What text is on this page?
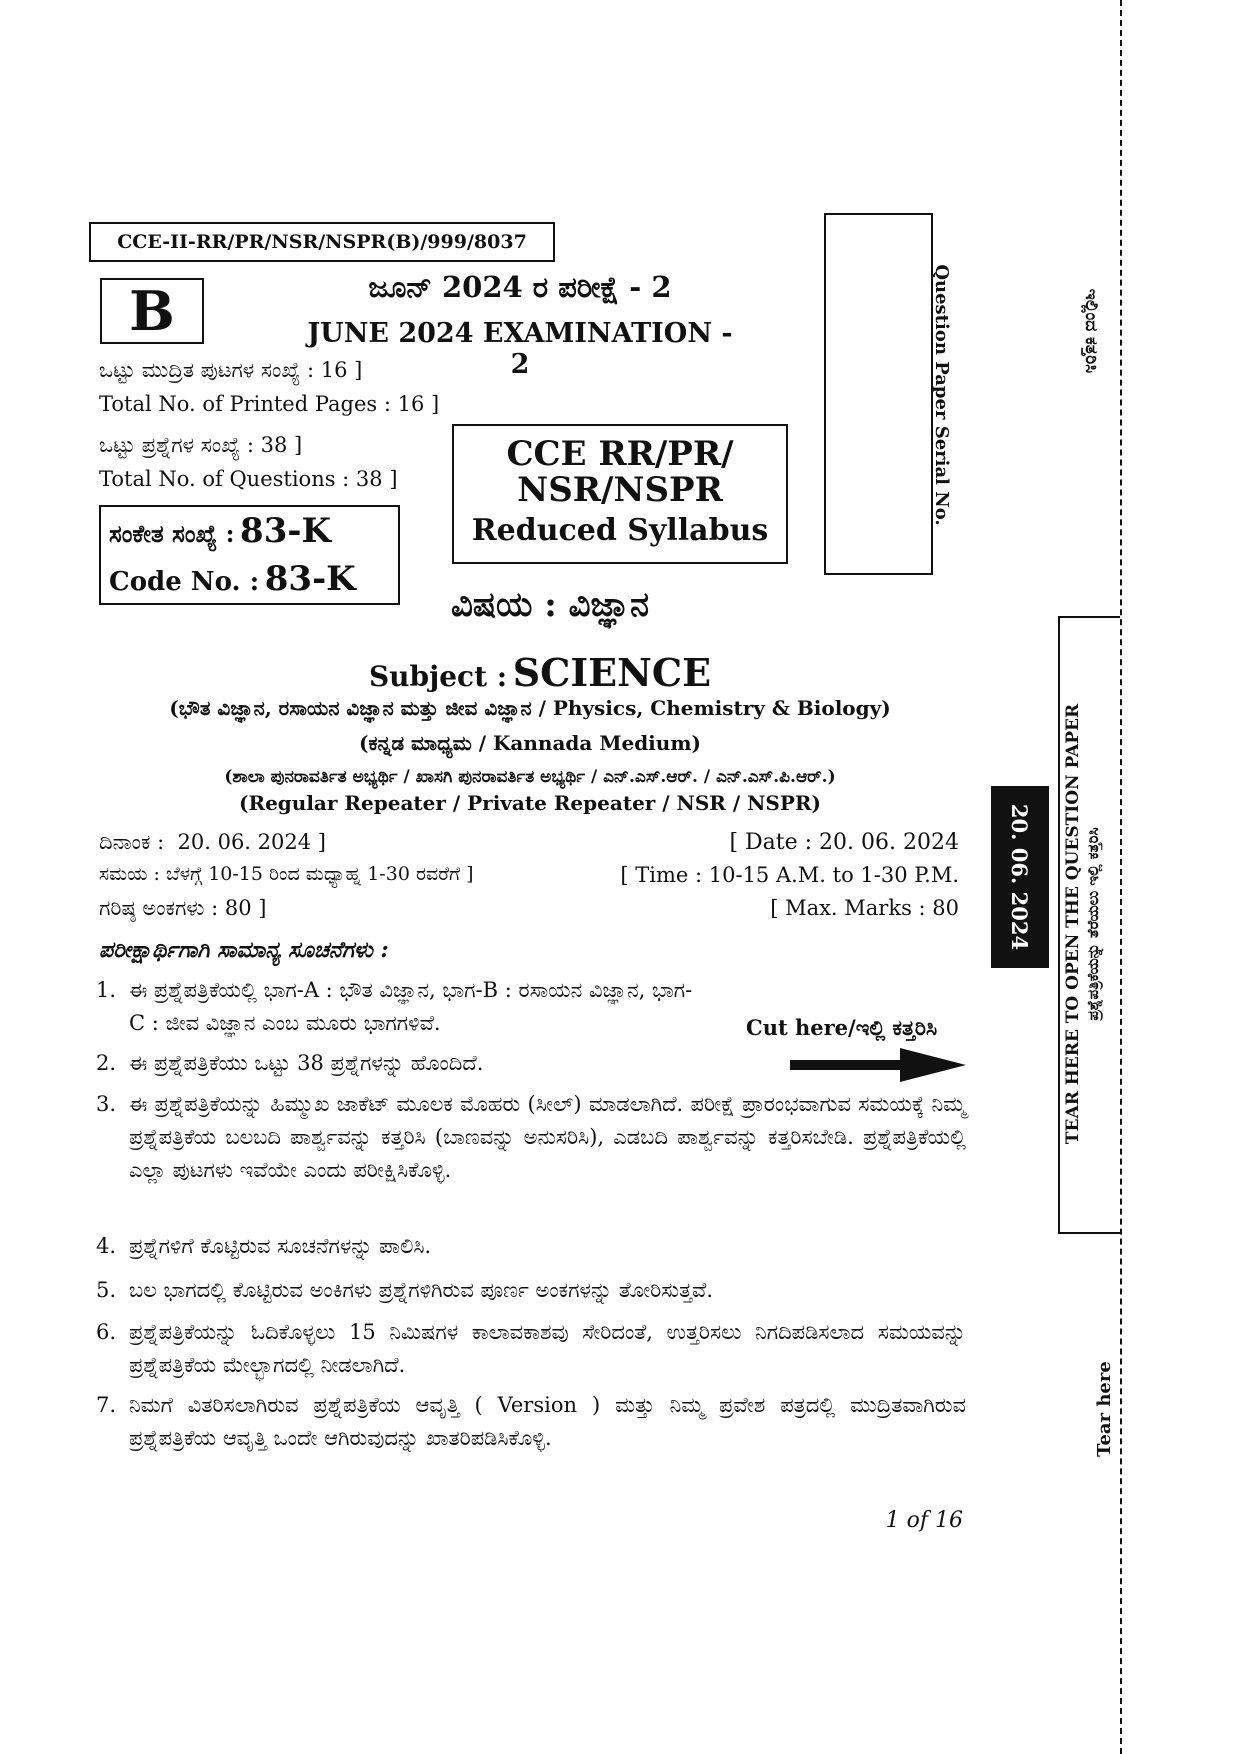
CCE-II-RR/PR/NSR/NSPR(B)/999/8037
B	ಜೂನ್ 2024 ರ ಪರೀಕ್ಷೆ - 2
JUNE 2024 EXAMINATION - 2
ಒಟ್ಟು ಮುದ್ರಿತ ಪುಟಗಳ ಸಂಖ್ಯೆ : 16 ]
Total No. of Printed Pages : 16 ]
ಒಟ್ಟು ಪ್ರಶ್ನೆಗಳ ಸಂಖ್ಯೆ : 38 ]
Total No. of Questions : 38 ]
ಸಂಕೇತ ಸಂಖ್ಯೆ : 83-K
Code No. : 83-K
CCE RR/PR/
NSR/NSPR
Reduced Syllabus
Question Paper Serial No.
ವಿಷಯ : ವಿಜ್ಞಾನ
Subject : SCIENCE
(ಭೌತ ವಿಜ್ಞಾನ, ರಸಾಯನ ವಿಜ್ಞಾನ ಮತ್ತು ಜೀವ ವಿಜ್ಞಾನ / Physics, Chemistry & Biology)
(ಕನ್ನಡ ಮಾಧ್ಯಮ / Kannada Medium)
(ಶಾಲಾ ಪುನರಾವರ್ತಿತ ಅಭ್ಯರ್ಥಿ / ಖಾಸಗಿ ಪುನರಾವರ್ತಿತ ಅಭ್ಯರ್ಥಿ / ಎನ್.ಎಸ್.ಆರ್. / ಎನ್.ಎಸ್.ಪಿ.ಆರ್.)
(Regular Repeater / Private Repeater / NSR / NSPR)
ದಿನಾಂಕ :  20. 06. 2024 ]	[ Date : 20. 06. 2024
ಸಮಯ : ಬೆಳಗ್ಗೆ 10-15 ರಿಂದ ಮಧ್ಯಾಹ್ನ 1-30 ರವರೆಗೆ ]	[ Time : 10-15 A.M. to 1-30 P.M.
ಗರಿಷ್ಠ ಅಂಕಗಳು : 80 ]	[ Max. Marks : 80
ಪರೀಕ್ಷಾರ್ಥಿಗಾಗಿ ಸಾಮಾನ್ಯ ಸೂಚನೆಗಳು :
1. ಈ ಪ್ರಶ್ನೆಪತ್ರಿಕೆಯಲ್ಲಿ ಭಾಗ-A : ಭೌತ ವಿಜ್ಞಾನ, ಭಾಗ-B : ರಸಾಯನ ವಿಜ್ಞಾನ, ಭಾಗ-C : ಜೀವ ವಿಜ್ಞಾನ ಎಂಬ ಮೂರು ಭಾಗಗಳಿವೆ.	Cut here/ಇಲ್ಲಿ ಕತ್ತರಿಸಿ
2. ಈ ಪ್ರಶ್ನೆಪತ್ರಿಕೆಯು ಒಟ್ಟು 38 ಪ್ರಶ್ನೆಗಳನ್ನು ಹೊಂದಿದೆ.
3. ಈ ಪ್ರಶ್ನೆಪತ್ರಿಕೆಯನ್ನು ಹಿಮ್ಮುಖ ಜಾಕೆಟ್ ಮೂಲಕ ಮೊಹರು (ಸೀಲ್) ಮಾಡಲಾಗಿದೆ. ಪರೀಕ್ಷೆ ಪ್ರಾರಂಭವಾಗುವ ಸಮಯಕ್ಕೆ ನಿಮ್ಮ ಪ್ರಶ್ನೆಪತ್ರಿಕೆಯ ಬಲಬದಿ ಪಾರ್ಶ್ವವನ್ನು ಕತ್ತರಿಸಿ (ಬಾಣವನ್ನು ಅನುಸರಿಸಿ), ಎಡಬದಿ ಪಾರ್ಶ್ವವನ್ನು ಕತ್ತರಿಸಬೇಡಿ. ಪ್ರಶ್ನೆಪತ್ರಿಕೆಯಲ್ಲಿ ಎಲ್ಲಾ ಪುಟಗಳು ಇವೆಯೇ ಎಂದು ಪರೀಕ್ಷಿಸಿಕೊಳ್ಳಿ.
4. ಪ್ರಶ್ನೆಗಳಿಗೆ ಕೊಟ್ಟಿರುವ ಸೂಚನೆಗಳನ್ನು ಪಾಲಿಸಿ.
5. ಬಲ ಭಾಗದಲ್ಲಿ ಕೊಟ್ಟಿರುವ ಅಂಕಿಗಳು ಪ್ರಶ್ನೆಗಳಿಗಿರುವ ಪೂರ್ಣ ಅಂಕಗಳನ್ನು ತೋರಿಸುತ್ತವೆ.
6. ಪ್ರಶ್ನೆಪತ್ರಿಕೆಯನ್ನು ಓದಿಕೊಳ್ಳಲು 15 ನಿಮಿಷಗಳ ಕಾಲಾವಕಾಶವು ಸೇರಿದಂತೆ, ಉತ್ತರಿಸಲು ನಿಗದಿಪಡಿಸಲಾದ ಸಮಯವನ್ನು ಪ್ರಶ್ನೆಪತ್ರಿಕೆಯ ಮೇಲ್ಭಾಗದಲ್ಲಿ ನೀಡಲಾಗಿದೆ.
7. ನಿಮಗೆ ವಿತರಿಸಲಾಗಿರುವ ಪ್ರಶ್ನೆಪತ್ರಿಕೆಯ ಆವೃತ್ತಿ ( Version ) ಮತ್ತು ನಿಮ್ಮ ಪ್ರವೇಶ ಪತ್ರದಲ್ಲಿ ಮುದ್ರಿತವಾಗಿರುವ ಪ್ರಶ್ನೆಪತ್ರಿಕೆಯ ಆವೃತ್ತಿ ಒಂದೇ ಆಗಿರುವುದನ್ನು ಖಾತರಿಪಡಿಸಿಕೊಳ್ಳಿ.
1 of 16
ಇಲ್ಲಿಂದ ಕತ್ತರಿಸಿ
20. 06. 2024 TEAR HERE TO OPEN THE QUESTION PAPER ಪ್ರಶ್ನೆಪತ್ರಿಕೆಯನ್ನು ತೆರೆಯಲು ಇಲ್ಲಿ ಕತ್ತರಿಸಿ
Tear here
